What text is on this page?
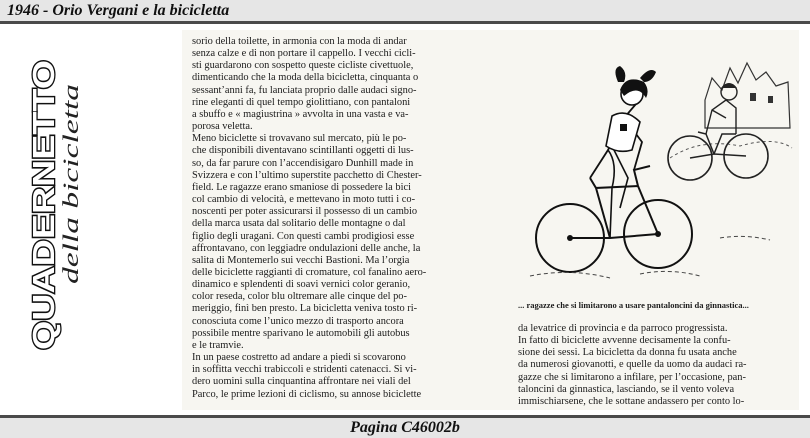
1946 - Orio Vergani e la bicicletta
QUADERNETTO
della bicicletta

sorio della toilette, in armonia con la moda di andar

senza calze e di non portare il cappello. I vecchi cicli-

sti guardarono con sospetto queste cicliste civettuole,

dimenticando che la moda della bicicletta, cinquanta o

sessant’anni fa, fu lanciata proprio dalle audaci signo-

rine eleganti di quel tempo giolittiano, con pantaloni

a sbuffo e « magiustrina » avvolta in una vasta e va-

porosa veletta.

Meno biciclette si trovavano sul mercato, più le po-

che disponibili diventavano scintillanti oggetti di lus-

so, da far parure con l’accendisigaro Dunhill made in

Svizzera e con l’ultimo superstite pacchetto di Chester-

field. Le ragazze erano smaniose di possedere la bici

col cambio di velocità, e mettevano in moto tutti i co-

noscenti per poter assicurarsi il possesso di un cambio

della marca usata dal solitario delle montagne o dal

figlio degli uragani. Con questi cambi prodigiosi esse

affrontavano, con leggiadre ondulazioni delle anche, la

salita di Montemerlo sui vecchi Bastioni. Ma l’orgia

delle biciclette raggianti di cromature, col fanalino aero-

dinamico e splendenti di soavi vernici color geranio,

color reseda, color blu oltremare alle cinque del po-

meriggio, finì ben presto. La bicicletta veniva tosto ri-

conosciuta come l’unico mezzo di trasporto ancora

possibile mentre sparivano le automobili gli autobus

e le tramvie.

In un paese costretto ad andare a piedi si scovarono

in soffitta vecchi trabiccoli e stridenti catenacci. Si vi-

dero uomini sulla cinquantina affrontare nei viali del

Parco, le prime lezioni di ciclismo, su annose biciclette

... ragazze che si limitarono a usare pantaloncini da ginnastica...

da levatrice di provincia e da parroco progressista.

In fatto di biciclette avvenne decisamente la confu-

sione dei sessi. La bicicletta da donna fu usata anche

da numerosi giovanotti, e quelle da uomo da audaci ra-

gazze che si limitarono a infilare, per l’occasione, pan-

taloncini da ginnastica, lasciando, se il vento voleva

immischiarsene, che le sottane andassero per conto lo-

Pagina C46002b
